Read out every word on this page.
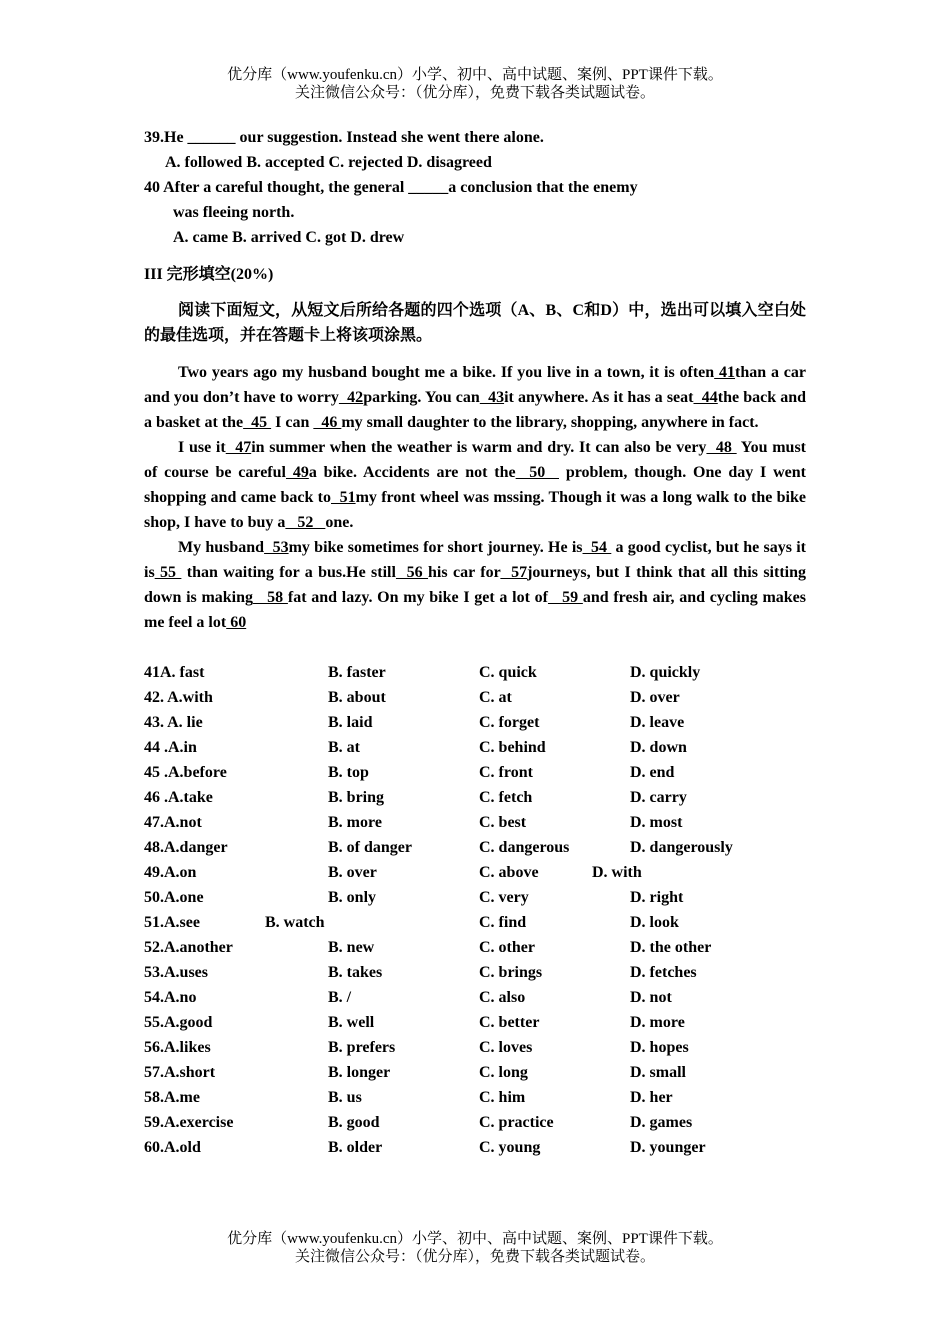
优分库（www.youfenku.cn）小学、初中、高中试题、案例、PPT课件下载。
关注微信公众号：（优分库），免费下载各类试题试卷。
39.He ______ our suggestion. Instead she went there alone.
A. followed B. accepted C. rejected D. disagreed
40 After a careful thought, the general _____a conclusion that the enemy
was fleeing north.
A. came B. arrived C. got D. drew
III 完形填空(20%)
阅读下面短文，从短文后所给各题的四个选项（A、B、C和D）中，选出可以填入空白处的最佳选项，并在答题卡上将该项涂黑。
Two years ago my husband bought me a bike. If you live in a town, it is often 41than a car and you don’t have to worry  42parking. You can  43it anywhere. As it has a seat  44the back and a basket at the  45  I can   46 my small daughter to the library, shopping, anywhere in fact.
I use it  47in summer when the weather is warm and dry. It can also be very  48  You must of course be careful 49a bike. Accidents are not the  50   problem, though. One day I went shopping and came back to  51my front wheel was mssing. Though it was a long walk to the bike shop, I have to buy a   52   one.
My husband  53my bike sometimes for short journey. He is  54  a good cyclist, but he says it is 55  than waiting for a bus.He still  56 his car for  57journeys, but I think that all this sitting down is making   58 fat and lazy. On my bike I get a lot of   59 and fresh air, and cycling makes me feel a lot 60
41A. fast	B. faster	C. quick	D. quickly
42. A.with	B. about	C. at	D. over
43. A. lie	B. laid	C. forget	D. leave
44 .A.in	B. at	C. behind	D. down
45 .A.before	B. top	C. front	D. end
46 .A.take	B. bring	C. fetch	D. carry
47.A.not	B. more	C. best	D. most
48.A.danger	B. of danger	C. dangerous	D. dangerously
49.A.on	B. over	C. above	D. with
50.A.one	B. only	C. very	D. right
51.A.see	B. watch	C. find	D. look
52.A.another	B. new	C. other	D. the other
53.A.uses	B. takes	C. brings	D. fetches
54.A.no	B. /	C. also	D. not
55.A.good	B. well	C. better	D. more
56.A.likes	B. prefers	C. loves	D. hopes
57.A.short	B. longer	C. long	D. small
58.A.me	B. us	C. him	D. her
59.A.exercise	B. good	C. practice	D. games
60.A.old	B. older	C. young	D. younger
优分库（www.youfenku.cn）小学、初中、高中试题、案例、PPT课件下载。
关注微信公众号：（优分库），免费下载各类试题试卷。
